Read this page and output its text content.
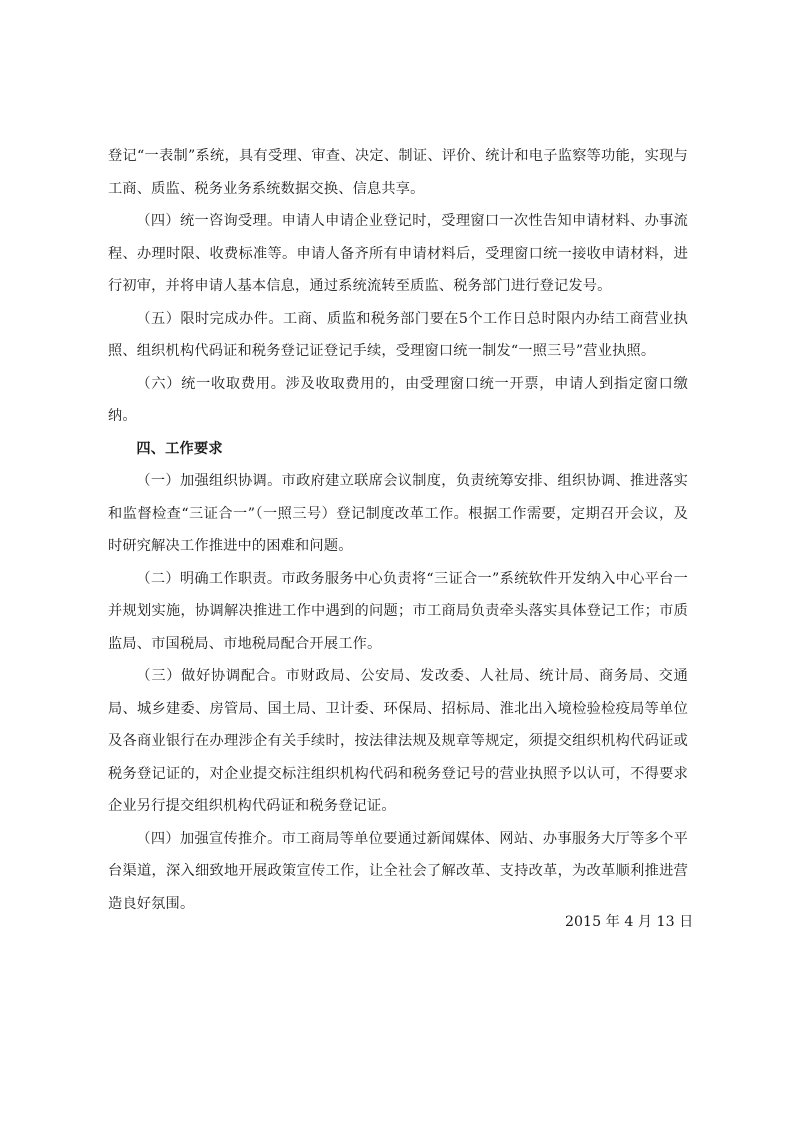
登记“一表制”系统，具有受理、审查、决定、制证、评价、统计和电子监察等功能，实现与工商、质监、税务业务系统数据交换、信息共享。

（四）统一咨询受理。申请人申请企业登记时，受理窗口一次性告知申请材料、办事流程、办理时限、收费标准等。申请人备齐所有申请材料后，受理窗口统一接收申请材料，进行初审，并将申请人基本信息，通过系统流转至质监、税务部门进行登记发号。

（五）限时完成办件。工商、质监和税务部门要在5个工作日总时限内办结工商营业执照、组织机构代码证和税务登记证登记手续，受理窗口统一制发“一照三号”营业执照。

（六）统一收取费用。涉及收取费用的，由受理窗口统一开票，申请人到指定窗口缴纳。

四、工作要求

（一）加强组织协调。市政府建立联席会议制度，负责统筹安排、组织协调、推进落实和监督检查“三证合一”（一照三号）登记制度改革工作。根据工作需要，定期召开会议，及时研究解决工作推进中的困难和问题。

（二）明确工作职责。市政务服务中心负责将“三证合一”系统软件开发纳入中心平台一并规划实施，协调解决推进工作中遇到的问题；市工商局负责牵头落实具体登记工作；市质监局、市国税局、市地税局配合开展工作。

（三）做好协调配合。市财政局、公安局、发改委、人社局、统计局、商务局、交通局、城乡建委、房管局、国土局、卫计委、环保局、招标局、淮北出入境检验检疫局等单位及各商业银行在办理涉企有关手续时，按法律法规及规章等规定，须提交组织机构代码证或税务登记证的，对企业提交标注组织机构代码和税务登记号的营业执照予以认可，不得要求企业另行提交组织机构代码证和税务登记证。

（四）加强宣传推介。市工商局等单位要通过新闻媒体、网站、办事服务大厅等多个平台渠道，深入细致地开展政策宣传工作，让全社会了解改革、支持改革，为改革顺利推进营造良好氛围。

2015 年 4 月 13 日
